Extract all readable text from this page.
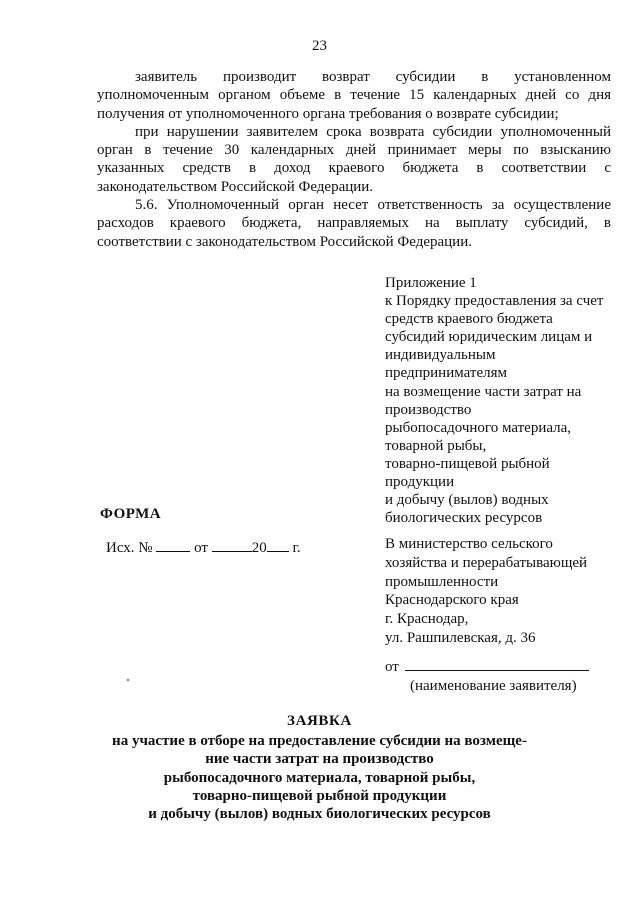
23

заявитель производит возврат субсидии в установленном уполномоченным органом объеме в течение 15 календарных дней со дня получения от уполномоченного органа требования о возврате субсидии;

при нарушении заявителем срока возврата субсидии уполномоченный орган в течение 30 календарных дней принимает меры по взысканию указанных средств в доход краевого бюджета в соответствии с законодательством Российской Федерации.

5.6. Уполномоченный орган несет ответственность за осуществление расходов краевого бюджета, направляемых на выплату субсидий, в соответствии с законодательством Российской Федерации.

Приложение 1
к Порядку предоставления за счет
средств краевого бюджета
субсидий юридическим лицам и
индивидуальным
предпринимателям
на возмещение части затрат на
производство
рыбопосадочного материала,
товарной рыбы,
товарно-пищевой рыбной
продукции
и добычу (вылов) водных
биологических ресурсов
ФОРМА
Исх. №	от	20 г.	В министерство сельского
хозяйства и перерабатывающей
промышленности
Краснодарского края
г. Краснодар,
ул. Рашпилевская, д. 36
от
(наименование заявителя)
ЗАЯВКА
на участие в отборе на предоставление субсидии на возмеще-
ние части затрат на производство
рыбопосадочного материала, товарной рыбы,
товарно-пищевой рыбной продукции
и добычу (вылов) водных биологических ресурсов
